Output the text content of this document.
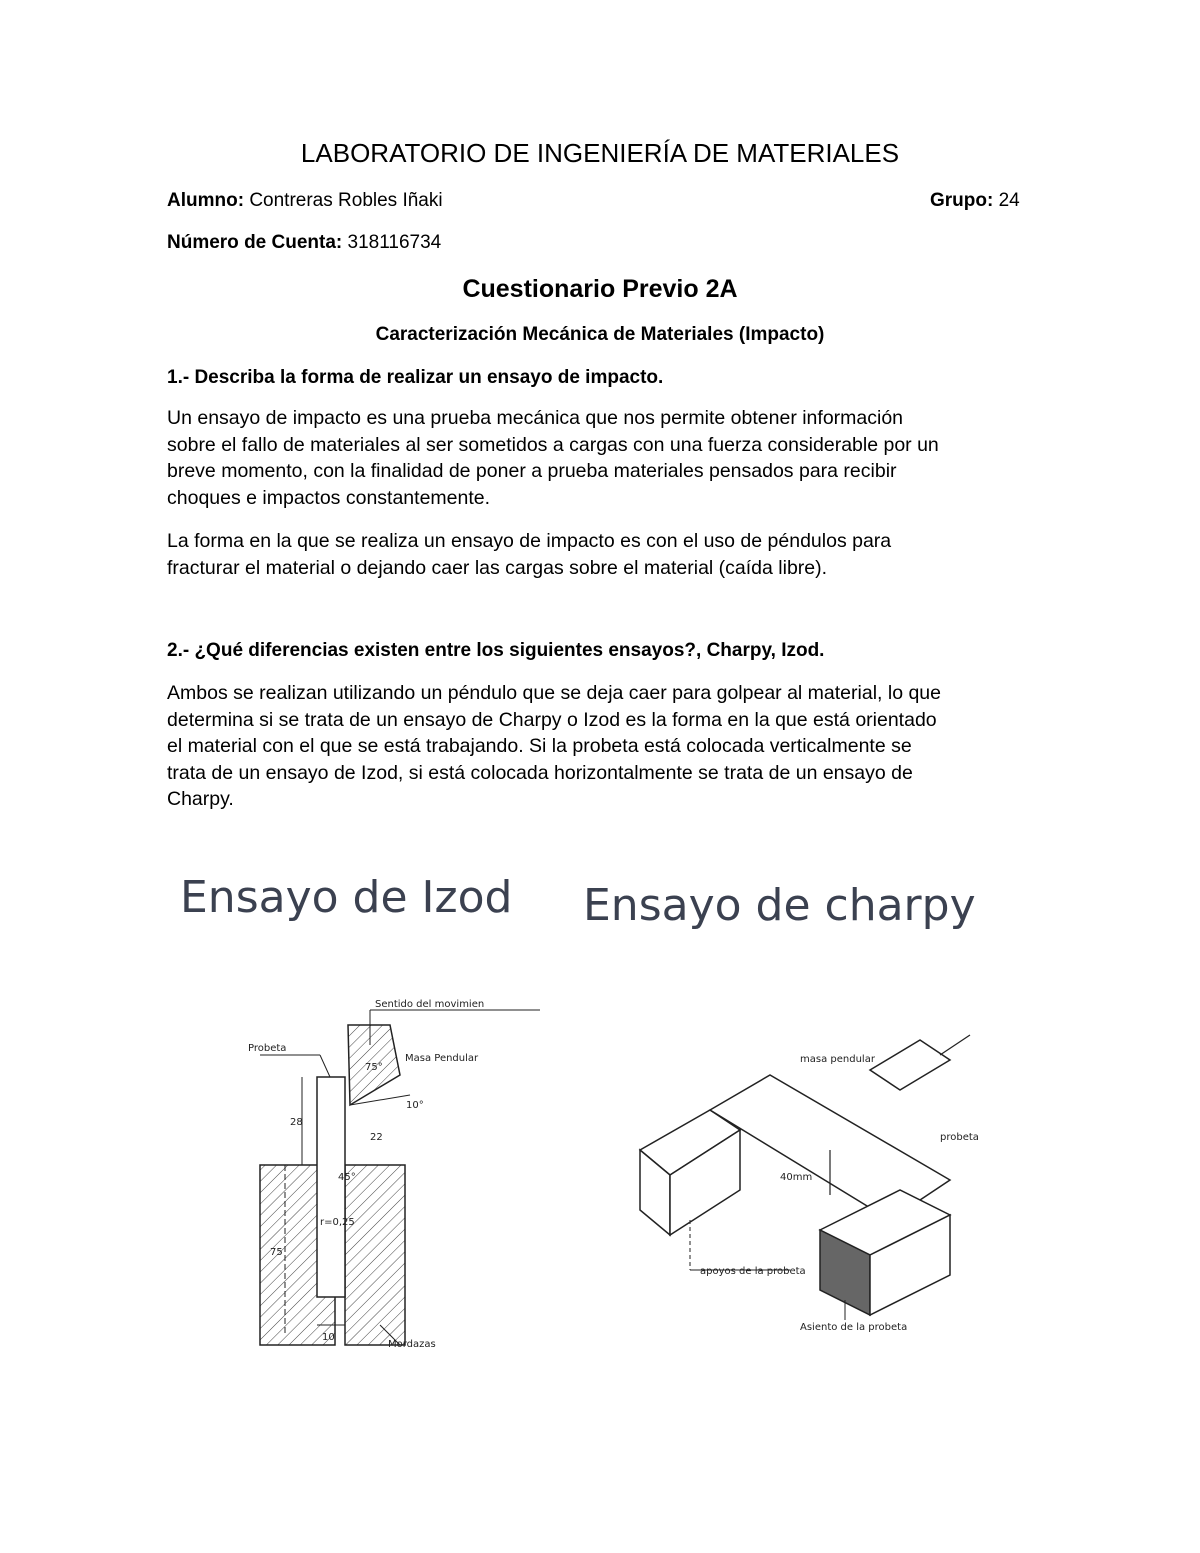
LABORATORIO DE INGENIERÍA DE MATERIALES
Alumno: Contreras Robles Iñaki	Grupo: 24
Número de Cuenta: 318116734
Cuestionario Previo 2A
Caracterización Mecánica de Materiales (Impacto)
1.- Describa la forma de realizar un ensayo de impacto.
Un ensayo de impacto es una prueba mecánica que nos permite obtener información
sobre el fallo de materiales al ser sometidos a cargas con una fuerza considerable por un
breve momento, con la finalidad de poner a prueba materiales pensados para recibir
choques e impactos constantemente.
La forma en la que se realiza un ensayo de impacto es con el uso de péndulos para
fracturar el material o dejando caer las cargas sobre el material (caída libre).
2.- ¿Qué diferencias existen entre los siguientes ensayos?, Charpy, Izod.
Ambos se realizan utilizando un péndulo que se deja caer para golpear al material, lo que
determina si se trata de un ensayo de Charpy o Izod es la forma en la que está orientado
el material con el que se está trabajando. Si la probeta está colocada verticalmente se
trata de un ensayo de Izod, si está colocada horizontalmente se trata de un ensayo de
Charpy.
Ensayo de Izod Ensayo de charpy
Sentido del movimien
Probeta
Masa Pendular
75°
10°
28
22
75
r=0,25
45°
10
Mordazas
masa pendular
probeta
40mm
apoyos de la probeta
Asiento de la probeta
